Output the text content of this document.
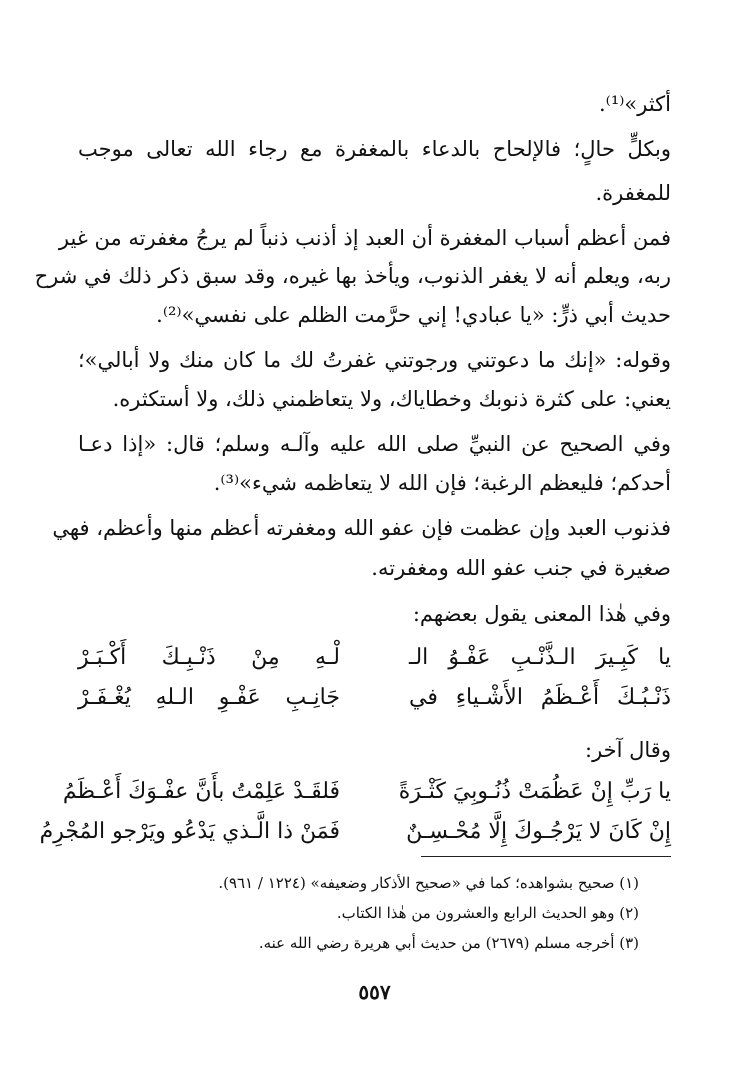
أكثر»⁽¹⁾.
وبكلٍّ حالٍ؛ فالإلحاح بالدعاء بالمغفرة مع رجاء الله تعالى موجب
للمغفرة.
فمن أعظم أسباب المغفرة أن العبد إذ أذنب ذنباً لم يرجُ مغفرته من غير
ربه، ويعلم أنه لا يغفر الذنوب، ويأخذ بها غيره، وقد سبق ذكر ذلك في شرح
حديث أبي ذرٍّ: «يا عبادي! إني حرَّمت الظلم على نفسي»⁽²⁾.
وقوله: «إنك ما دعوتني ورجوتني غفرتُ لك ما كان منك ولا أبالي»؛
يعني: على كثرة ذنوبك وخطاياك، ولا يتعاظمني ذلك، ولا أستكثره.
وفي الصحيح عن النبيِّ صلى الله عليه وآلـه وسلم؛ قال: «إذا دعـا
أحدكم؛ فليعظم الرغبة؛ فإن الله لا يتعاظمه شيء»⁽³⁾.
فذنوب العبد وإن عظمت فإن عفو الله ومغفرته أعظم منها وأعظم، فهي
صغيرة في جنب عفو الله ومغفرته.
وفي هٰذا المعنى يقول بعضهم:
يا كَبِـيرَ الـذَّنْـبِ عَفْـوُ الـ
لْـهِ مِنْ ذَنْـبِـكَ أَكْـبَـرْ
ذَنْـبُـكَ أَعْـظَمُ الأَشْـياءِ في
جَانِـبِ عَفْـوِ الـلهِ يُغْـفَـرْ
وقال آخر:
يا رَبِّ إِنْ عَظُمَتْ ذُنُـوبِيَ كَثْـرَةً
فَلقَـدْ عَلِمْتُ بأَنَّ عفْـوَكَ أَعْـظَمُ
إِنْ كَانَ لا يَرْجُـوكَ إِلَّا مُحْـسِـنٌ
فَمَنْ ذا الَّـذي يَدْعُو ويَرْجو المُجْرِمُ
(١) صحيح بشواهده؛ كما في «صحيح الأذكار وضعيفه» (١٢٢٤ / ٩٦١).
(٢) وهو الحديث الرابع والعشرون من هٰذا الكتاب.
(٣) أخرجه مسلم (٢٦٧٩) من حديث أبي هريرة رضي الله عنه.
٥٥٧
